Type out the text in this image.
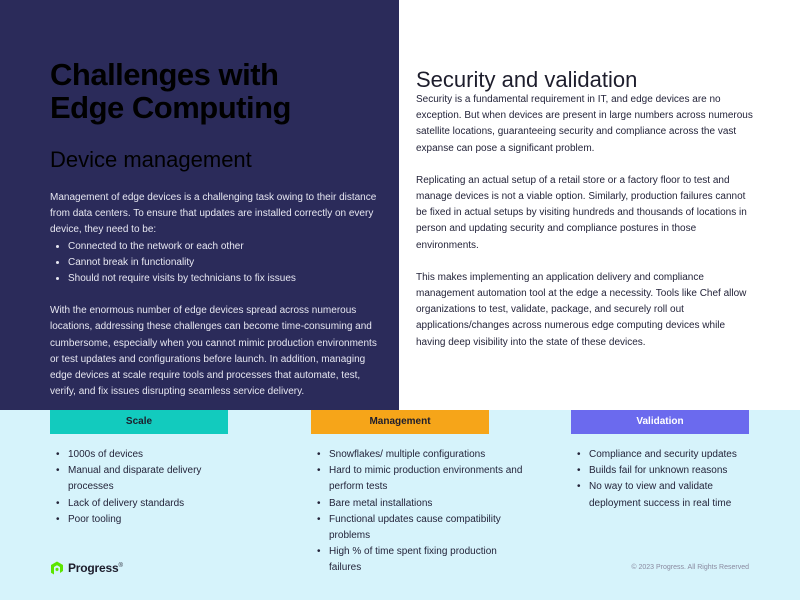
Challenges with
Edge Computing
Device management

Management of edge devices is a challenging task owing to their distance from data centers. To ensure that updates are installed correctly on every device, they need to be:

• Connected to the network or each other
• Cannot break in functionality
• Should not require visits by technicians to fix issues

With the enormous number of edge devices spread across numerous locations, addressing these challenges can become time-consuming and cumbersome, especially when you cannot mimic production environments or test updates and configurations before launch. In addition, managing edge devices at scale require tools and processes that automate, test, verify, and fix issues disrupting seamless service delivery.

Security and validation

Security is a fundamental requirement in IT, and edge devices are no exception. But when devices are present in large numbers across numerous satellite locations, guaranteeing security and compliance across the vast expanse can pose a significant problem.

Replicating an actual setup of a retail store or a factory floor to test and manage devices is not a viable option. Similarly, production failures cannot be fixed in actual setups by visiting hundreds and thousands of locations in person and updating security and compliance postures in those environments.

This makes implementing an application delivery and compliance management automation tool at the edge a necessity. Tools like Chef allow organizations to test, validate, package, and securely roll out applications/changes across numerous edge computing devices while having deep visibility into the state of these devices.

Scale	Management	Validation
• 1000s of devices
• Manual and disparate delivery processes
• Lack of delivery standards
• Poor tooling
• Snowflakes/ multiple configurations
• Hard to mimic production environments and perform tests
• Bare metal installations
• Functional updates cause compatibility problems
• High % of time spent fixing production failures
• Compliance and security updates
• Builds fail for unknown reasons
• No way to view and validate deployment success in real time
Progress®	© 2023 Progress. All Rights Reserved
